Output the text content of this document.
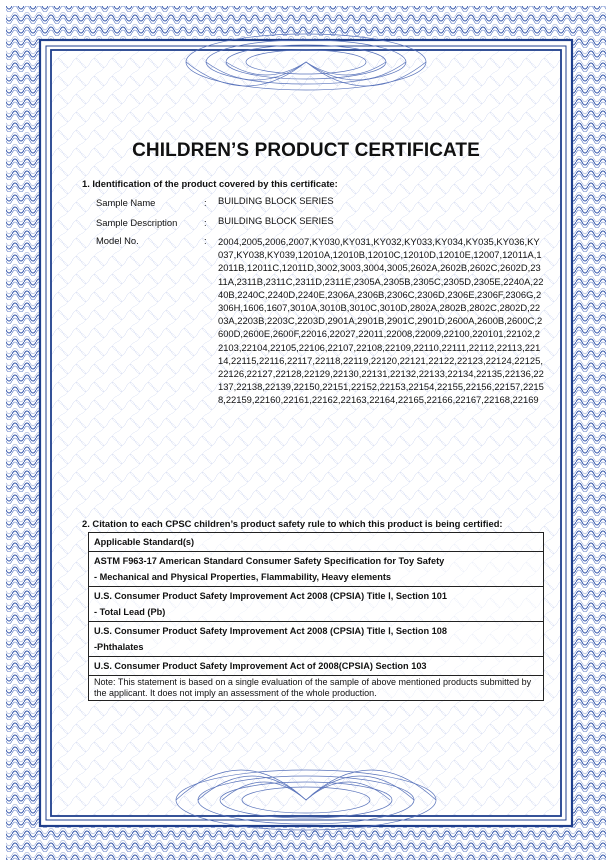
CHILDREN’S PRODUCT CERTIFICATE
1. Identification of the product covered by this certificate:
Sample Name	: BUILDING BLOCK SERIES
Sample Description	: BUILDING BLOCK SERIES
Model No.	: 2004,2005,2006,2007,KY030,KY031,KY032,KY033,KY034,KY035,KY036,KY037,KY038,KY039,12010A,12010B,12010C,12010D,12010E,12007,12011A,12011B,12011C,12011D,3002,3003,3004,3005,2602A,2602B,2602C,2602D,2311A,2311B,2311C,2311D,2311E,2305A,2305B,2305C,2305D,2305E,2240A,2240B,2240C,2240D,2240E,2306A,2306B,2306C,2306D,2306E,2306F,2306G,2306H,1606,1607,3010A,3010B,3010C,3010D,2802A,2802B,2802C,2802D,2203A,2203B,2203C,2203D,2901A,2901B,2901C,2901D,2600A,2600B,2600C,2600D,2600E,2600F,22016,22027,22011,22008,22009,22100,220101,22102,22103,22104,22105,22106,22107,22108,22109,22110,22111,22112,22113,22114,22115,22116,22117,22118,22119,22120,22121,22122,22123,22124,22125,22126,22127,22128,22129,22130,22131,22132,22133,22134,22135,22136,22137,22138,22139,22150,22151,22152,22153,22154,22155,22156,22157,22158,22159,22160,22161,22162,22163,22164,22165,22166,22167,22168,22169
2. Citation to each CPSC children’s product safety rule to which this product is being certified:
Applicable Standard(s)

ASTM F963-17 American Standard Consumer Safety Specification for Toy Safety
- Mechanical and Physical Properties, Flammability, Heavy elements

U.S. Consumer Product Safety Improvement Act 2008 (CPSIA) Title Ⅰ, Section 101
- Total Lead (Pb)

U.S. Consumer Product Safety Improvement Act 2008 (CPSIA) Title Ⅰ, Section 108
-Phthalates

U.S. Consumer Product Safety Improvement Act of 2008(CPSIA) Section 103

Note: This statement is based on a single evaluation of the sample of above mentioned products submitted by the applicant. It does not imply an assessment of the whole production.
